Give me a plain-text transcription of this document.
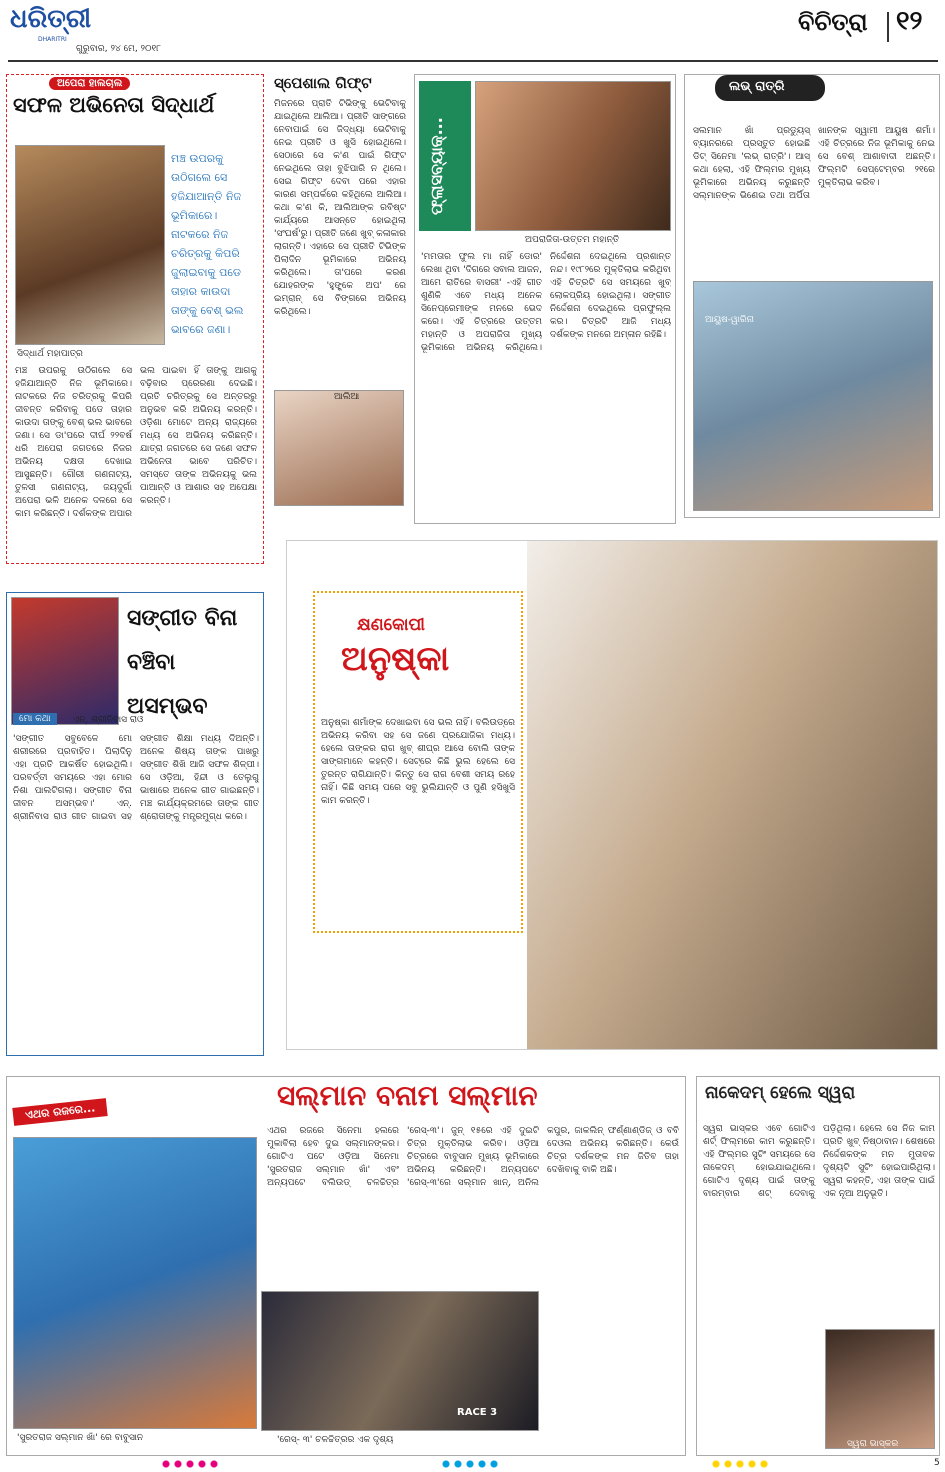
ଧରିତ୍ରୀ
DHARITRI
ଗୁରୁବାର, ୨୪ ମେ, ୨୦୧୮
ବିଚିତ୍ରା ୧୨
ଅପେରା ହାଲଚାଲ
ସଫଳ ଅଭିନେତା ସିଦ୍ଧାର୍ଥ
ମଞ୍ଚ ଉପରକୁ ଉଠିଗଲେ ସେ ହଜିଯାଆନ୍ତି ନିଜ ଭୂମିକାରେ। ନାଟକରେ ନିଜ ଚରିତ୍ରକୁ କିପରି ଜୁଲାଇବାକୁ ପଡେ ତାହାର କାଉଦା ତାଙ୍କୁ ବେଶ୍ ଭଲ ଭାବରେ ଜଣା।
ସିଦ୍ଧାର୍ଥ ମହାପାତ୍ର
ମଞ୍ଚ ଉପରକୁ ଉଠିଗଲେ ସେ ହଜିଯାଆନ୍ତି ନିଜ ଭୂମିକାରେ। ନାଟକରେ ନିଜ ଚରିତ୍ରକୁ କିପରି ଜୀବନ୍ତ କରିବାକୁ ପଡେ ତାହାର କାଉଦା ତାଙ୍କୁ ବେଶ୍ ଭଲ ଭାବରେ ଜଣା। ସେ ଡା'ପରେ ଦୀର୍ଘ ୨୨ବର୍ଷ ଧରି ଅପେରା ଜଗତରେ ନିଜର ଅଭିନୟ ଦକ୍ଷତା ଦେଖାଇ ଆସୁଛନ୍ତି। ଗୌରୀ ଗଣନାଟ୍ୟ, ତୁଳସୀ ଗଣନାଟ୍ୟ, ଜୟଦୁର୍ଗା ଅପେରା ଭଳି ଅନେକ ଦଳରେ ସେ କାମ କରିଛନ୍ତି। ଦର୍ଶକଙ୍କ ଅପାର ଭଲ ପାଇବା ହିଁ ତାଙ୍କୁ ଆଗକୁ ବଢ଼ିବାର ପ୍ରେରଣା ଦେଇଛି। ପ୍ରତି ଚରିତ୍ରକୁ ସେ ଅନ୍ତରରୁ ଅନୁଭବ କରି ଅଭିନୟ କରନ୍ତି। ଓଡ଼ିଶା ମୋଟେ ଅନ୍ୟ ରାଜ୍ୟରେ ମଧ୍ୟ ସେ ଅଭିନୟ କରିଛନ୍ତି। ଯାତ୍ରା ଜଗତରେ ସେ ଜଣେ ସଫଳ ଅଭିନେତା ଭାବେ ପରିଚିତ। ସମସ୍ତେ ତାଙ୍କ ଅଭିନୟକୁ ଭଲ ପାଆନ୍ତି ଓ ଆଶାର ସହ ଅପେକ୍ଷା କରନ୍ତି।
ସ୍ପେଶାଲ ଗିଫ୍ଟ
ମିଜନରେ ପ୍ରାତି ଟିଭିଙ୍କୁ ଭେଟିବାକୁ ଯାଇଥିଲେ ଆଲିଆ। ପ୍ରୀତି ସାଙ୍ଗରେ ନେବାପାଇଁ ସେ ଜିଦ୍ଧ୍ୟା ଭେଟିବାକୁ ନେଇ ପ୍ରୀତି ଓ ଖୁସି ହୋଇଥିଲେ। ସେଠାରେ ସେ କ'ଣ ପାଇଁ ଗିଫ୍ଟ ନେଇଥିଲେ ତାହା ବୁଝିପାରି ନ ଥିଲେ। ସେଇ ଗିଫ୍ଟ ଦେବା ପରେ ଏହାର କାରଣ ସମ୍ପର୍କରେ କହିଥିଲେ ଆଲିଆ। କଥା କ'ଣ କି, ଆଲିଆଙ୍କ ରବିଷ୍ଟ କାର୍ଯ୍ୟରେ ଆସନ୍ତେ ହୋଇଥିଲା 'ସଂଘର୍ଷ'ରୁ। ପ୍ରୀତି ଜଣେ ଖୁବ୍ କଳାକାର ଲାଗନ୍ତି। ଏହାରେ ସେ ପ୍ରୀତି ଟିଭିଙ୍କ ପିଲାଦିନ ଭୂମିକାରେ ଅଭିନୟ କରିଥିଲେ। ତା'ପରେ କରଣ ଯୋହରଙ୍କ 'ହୁଙ୍ଗ୍କେ ଅପ' ରେ ଇମ୍ରାନ୍ ସେ ବିଙ୍ଗରେ ଅଭିନୟ କରିଥିଲେ।
ଆଲିଆ
ଫ୍ଲାସବ୍ୟାକ୍...
ଅପରାଜିତା-ଉତ୍ତମ ମହାନ୍ତି
'ମମତାର ଫୁଲ ମା ନାହିଁ ଡୋର' ଲେଖା ଥିବା 'ଦିଗରେ ସବାଲ ଆଜନ, ଆମେ ରାତିରେ ବାସରୀ' -ଏହି ଗୀତ ଶୁଣିକି ଏବେ ମଧ୍ୟ ଅନେକ ସିନେପ୍ରେମୀଙ୍କ ମନରେ ଭେଦ କରେ। ଏହି ଚିତ୍ରରେ ଉତ୍ତମ ମହାନ୍ତି ଓ ଅପରାଜିତା ମୁଖ୍ୟ ଭୂମିକାରେ ଅଭିନୟ କରିଥିଲେ। ନିର୍ଦ୍ଦେଶନା ଦେଇଥିଲେ ପ୍ରଶାନ୍ତ ନନ୍ଦ। ୧୯୮୨ରେ ମୁକ୍ତିଲାଭ କରିଥିବା ଏହି ଚିତ୍ରଟି ସେ ସମୟରେ ଖୁବ୍ ଲୋକପ୍ରିୟ ହୋଇଥିଲା। ସଙ୍ଗୀତ ନିର୍ଦ୍ଦେଶନା ଦେଇଥିଲେ ପ୍ରଫୁଲ୍ଲ କର। ଚିତ୍ରଟି ଆଜି ମଧ୍ୟ ଦର୍ଶକଙ୍କ ମନରେ ଅମ୍ଳାନ ରହିଛି।
ଲଭ୍ ରାତ୍ରି
ସଲମାନ ଖାଁ ପ୍ରଡ୍ୟୁସ୍ ବ୍ୟାନରରେ ପ୍ରସ୍ତୁତ ହୋଇଛି ଡିଟ୍ ସିନେମା 'ଲଭ୍ ରାତ୍ରି'। ଆସ୍ କଥା ହେଲା, ଏହି ଫିଲ୍ମର ମୁଖ୍ୟ ଭୂମିକାରେ ଅଭିନୟ କରୁଛନ୍ତି ସଲ୍ମାନଙ୍କ ଭିଣେଇ ତଥା ଅର୍ପିତା ଖାନଙ୍କ ସ୍ୱାମୀ ଆୟୁଷ ଶର୍ମା। ଏହି ଚିତ୍ରରେ ନିଜ ଭୂମିକାକୁ ନେଇ ସେ ବେଶ୍ ଆଶାବାଦୀ ଅଛନ୍ତି। ଫିଲ୍ମଟି ସେପ୍ଟେମ୍ବର ୨୧ରେ ମୁକ୍ତିଲାଭ କରିବ।
ଆୟୁଷ-ୱାରିନା
ମୋ କଥା
ସଙ୍ଗୀତ ବିନା ବଞ୍ଚିବା ଅସମ୍ଭବ
ଏନ୍. ଶ୍ରୀନିବାସ ରାଓ
'ସଙ୍ଗୀତ ସବୁବେଳେ ମୋ ଶରୀରରେ ପ୍ରବାହିତ। ପିଲାଦିନୁ ଏହା ପ୍ରତି ଆକର୍ଷିତ ହୋଇଥିଲି। ପରବର୍ତ୍ତୀ ସମୟରେ ଏହା ମୋର ନିଶା ପାଲଟିଗଲା। ସଙ୍ଗୀତ ବିନା ଜୀବନ ଅସମ୍ଭବ।' ଏନ୍. ଶ୍ରୀନିବାସ ରାଓ ଗୀତ ଗାଇବା ସହ ସଙ୍ଗୀତ ଶିକ୍ଷା ମଧ୍ୟ ଦିଅନ୍ତି। ଅନେକ ଶିଷ୍ୟ ତାଙ୍କ ପାଖରୁ ସଙ୍ଗୀତ ଶିଖି ଆଜି ସଫଳ ଶିଳ୍ପୀ। ସେ ଓଡ଼ିଆ, ହିନ୍ଦୀ ଓ ତେଲୁଗୁ ଭାଷାରେ ଅନେକ ଗୀତ ଗାଇଛନ୍ତି। ମଞ୍ଚ କାର୍ଯ୍ୟକ୍ରମରେ ତାଙ୍କ ଗୀତ ଶ୍ରୋତାଙ୍କୁ ମନ୍ତ୍ରମୁଗ୍ଧ କରେ।
କ୍ଷଣକୋପୀ
ଅନୁଷ୍କା
ଅନୁଷ୍କା ଶର୍ମାଙ୍କ ଦେଖାଇବା ସେ ଭଲ ନାହିଁ। ବଲିଉଡ୍‌ରେ ଅଭିନୟ କରିବା ସହ ସେ ଜଣେ ପ୍ରଯୋଜିକା ମଧ୍ୟ। ହେଲେ ତାଙ୍କର ରାଗ ଖୁବ୍ ଶୀଘ୍ର ଆସେ ବୋଲି ତାଙ୍କ ସାଙ୍ଗମାନେ କହନ୍ତି। ସେଟ୍‌ରେ କିଛି ଭୁଲ ହେଲେ ସେ ତୁରନ୍ତ ରାଗିଯାନ୍ତି। କିନ୍ତୁ ସେ ରାଗ ବେଶୀ ସମୟ ରହେ ନାହିଁ। କିଛି ସମୟ ପରେ ସବୁ ଭୁଲିଯାନ୍ତି ଓ ପୁଣି ହସିଖୁସି କାମ କରନ୍ତି।
ଏଥର ରଜରେ...	ସଲ୍‌ମାନ ବନାମ ସଲ୍‌ମାନ
'ସୁରତରାଜ ସଲ୍‌ମାନ ଖାଁ' ରେ ବାବୁସାନ
ଏଥର ରଜରେ ସିନେମା ହଲରେ ମୁକାବିଲା ହେବ ଦୁଇ ସଲ୍‌ମାନଙ୍କର। ଗୋଟିଏ ପଟେ ଓଡ଼ିଆ ସିନେମା 'ସୁରତରାଜ ସଲ୍‌ମାନ ଖାଁ' ଏବଂ ଅନ୍ୟପଟେ ବଲିଉଡ୍ ଚଳଚ୍ଚିତ୍ର 'ରେସ୍-୩'। ଜୁନ୍ ୧୫ରେ ଏହି ଦୁଇଟି ଚିତ୍ର ମୁକ୍ତିଲାଭ କରିବ। ଓଡ଼ିଆ ଚିତ୍ରରେ ବାବୁସାନ ମୁଖ୍ୟ ଭୂମିକାରେ ଅଭିନୟ କରିଛନ୍ତି। ଅନ୍ୟପଟେ 'ରେସ୍-୩'ରେ ସଲ୍‌ମାନ ଖାନ୍, ଅନିଲ କପୁର, ଜାକଲିନ୍ ଫର୍ଣ୍ଣାଣ୍ଡିଜ୍ ଓ ବବି ଦେଓଲ ଅଭିନୟ କରିଛନ୍ତି। କେଉଁ ଚିତ୍ର ଦର୍ଶକଙ୍କ ମନ ଜିତିବ ତାହା ଦେଖିବାକୁ ବାକି ଅଛି।
RACE 3
'ରେସ୍- ୩' ଚଳଚ୍ଚିତ୍ରର ଏକ ଦୃଶ୍ୟ
ନାକେଦମ୍ ହେଲେ ସ୍ୱରା
ସ୍ୱରା ଭାସ୍କର ଏବେ ଗୋଟିଏ ଶର୍ଟ୍ ଫିଲ୍ମରେ କାମ କରୁଛନ୍ତି। ଏହି ଫିଲ୍ମର ସୁଟିଂ ସମୟରେ ସେ ନାକେଦମ୍ ହୋଇଯାଇଥିଲେ। ଗୋଟିଏ ଦୃଶ୍ୟ ପାଇଁ ତାଙ୍କୁ ବାରମ୍ବାର ଶଟ୍ ଦେବାକୁ ପଡ଼ିଥିଲା। ହେଲେ ସେ ନିଜ କାମ ପ୍ରତି ଖୁବ୍ ନିଷ୍ଠାବାନ। ଶେଷରେ ନିର୍ଦ୍ଦେଶକଙ୍କ ମନ ମୁତାବକ ଦୃଶ୍ୟଟି ସୁଟିଂ ହୋଇପାରିଥିଲା। ସ୍ୱରା କହନ୍ତି, ଏହା ତାଙ୍କ ପାଇଁ ଏକ ନୂଆ ଅନୁଭୂତି।
ସ୍ୱରା ଭାସ୍କର
5
